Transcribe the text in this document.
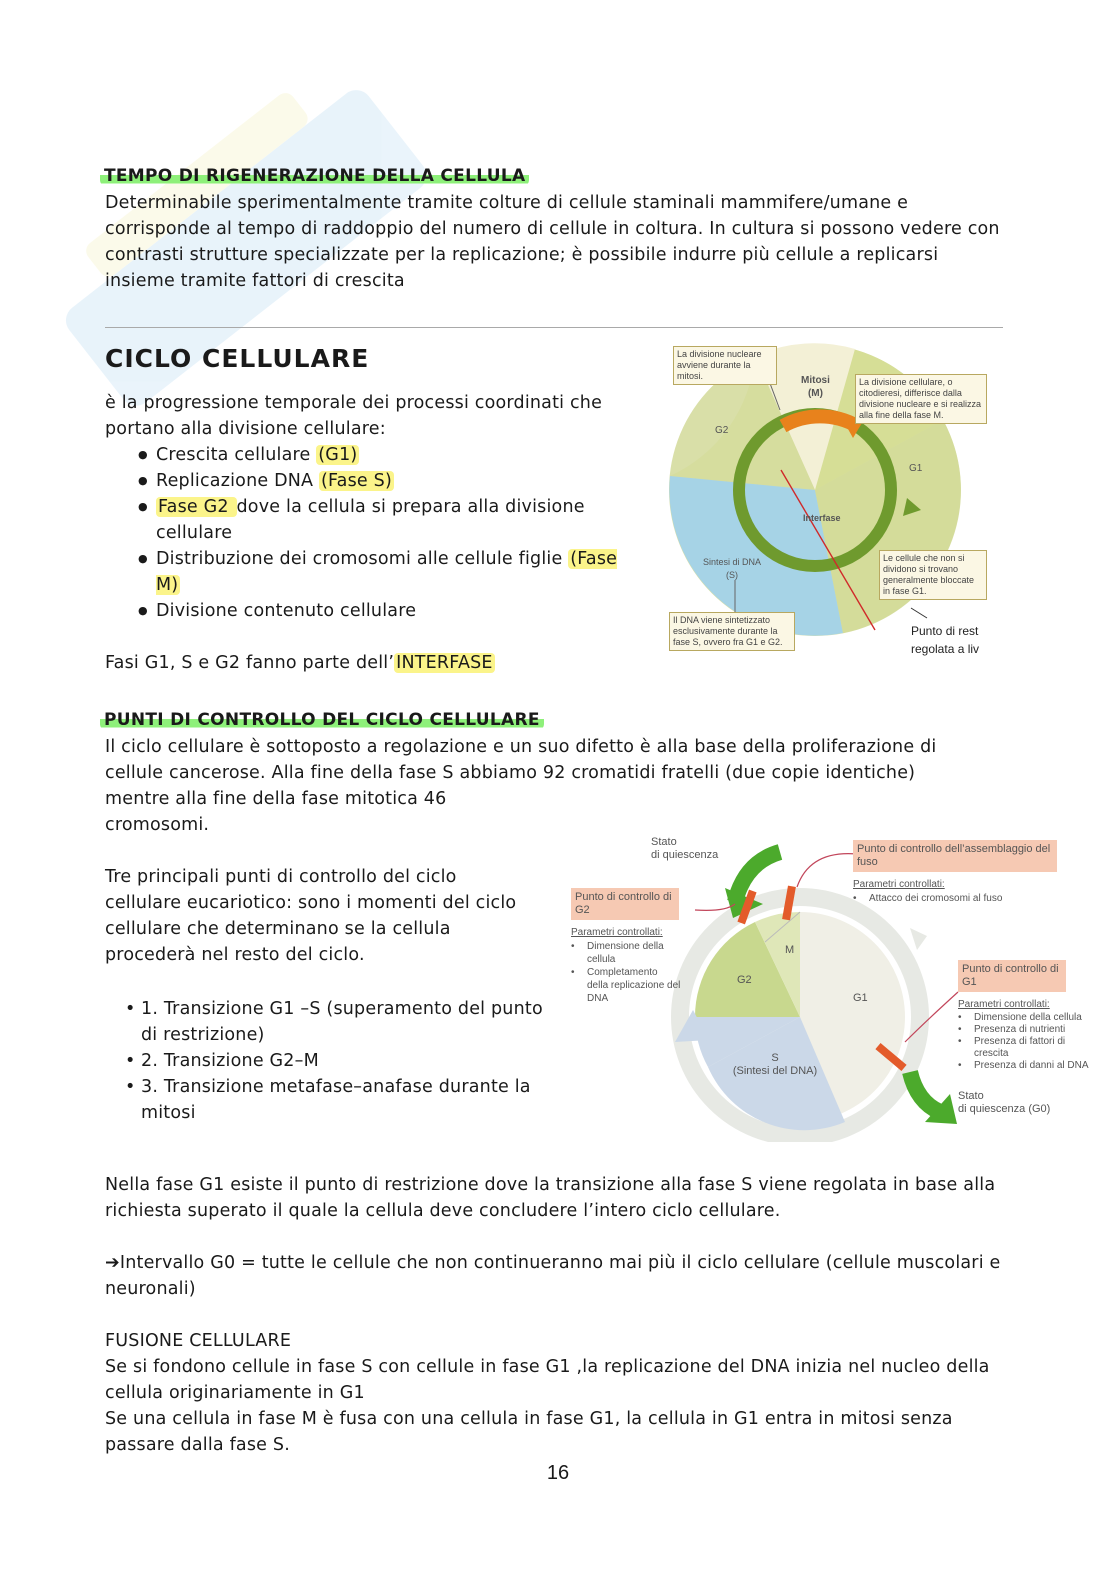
TEMPO DI RIGENERAZIONE DELLA CELLULA
Determinabile sperimentalmente tramite colture di cellule staminali mammifere/umane e corrisponde al tempo di raddoppio del numero di cellule in coltura. In cultura si possono vedere con contrasti strutture specializzate per la replicazione; è possibile indurre più cellule a replicarsi insieme tramite fattori di crescita
CICLO CELLULARE
è la progressione temporale dei processi coordinati che portano alla divisione cellulare:
● Crescita cellulare (G1)
● Replicazione DNA (Fase S)
● Fase G2 dove la cellula si prepara alla divisione cellulare
● Distribuzione dei cromosomi alle cellule figlie (Fase M)
● Divisione contenuto cellulare
Fasi G1, S e G2 fanno parte dell’ INTERFASE
La divisione nucleare avviene durante la mitosi.	Mitosi
(M)
La divisione cellulare, o citodieresi, differisce dalla divisione nucleare e si realizza alla fine della fase M.
G2
G1
Interfase
Sintesi di DNA
(S)
Il DNA viene sintetizzato esclusivamente durante la fase S, ovvero fra G1 e G2.
Le cellule che non si dividono si trovano generalmente bloccate in fase G1.
Punto di rest
regolata a liv
PUNTI DI CONTROLLO DEL CICLO CELLULARE
Il ciclo cellulare è sottoposto a regolazione e un suo difetto è alla base della proliferazione di cellule cancerose. Alla fine della fase S abbiamo 92 cromatidi fratelli (due copie identiche) mentre alla fine della fase mitotica 46
cromosomi.
Tre principali punti di controllo del ciclo cellulare eucariotico: sono i momenti del ciclo cellulare che determinano se la cellula procederà nel resto del ciclo.
• 1. Transizione G1 –S (superamento del punto di restrizione)
• 2. Transizione G2–M
• 3. Transizione metafase–anafase durante la mitosi
Stato
di quiescenza	Punto di controllo dell’assemblaggio del fuso
Parametri controllati:
• Attacco dei cromosomi al fuso
Punto di controllo di G2
Parametri controllati:
• Dimensione della cellula
• Completamento della replicazione del DNA
M
G2
G1
S
(Sintesi del DNA)
Punto di controllo di G1
Parametri controllati:
• Dimensione della cellula
• Presenza di nutrienti
• Presenza di fattori di crescita
• Presenza di danni al DNA
Stato
di quiescenza (G0)
Nella fase G1 esiste il punto di restrizione dove la transizione alla fase S viene regolata in base alla richiesta superato il quale la cellula deve concludere l’intero ciclo cellulare.
➔Intervallo G0 = tutte le cellule che non continueranno mai più il ciclo cellulare (cellule muscolari e neuronali)
FUSIONE CELLULARE
Se si fondono cellule in fase S con cellule in fase G1 ,la replicazione del DNA inizia nel nucleo della cellula originariamente in G1
Se una cellula in fase M è fusa con una cellula in fase G1, la cellula in G1 entra in mitosi senza passare dalla fase S.
16
